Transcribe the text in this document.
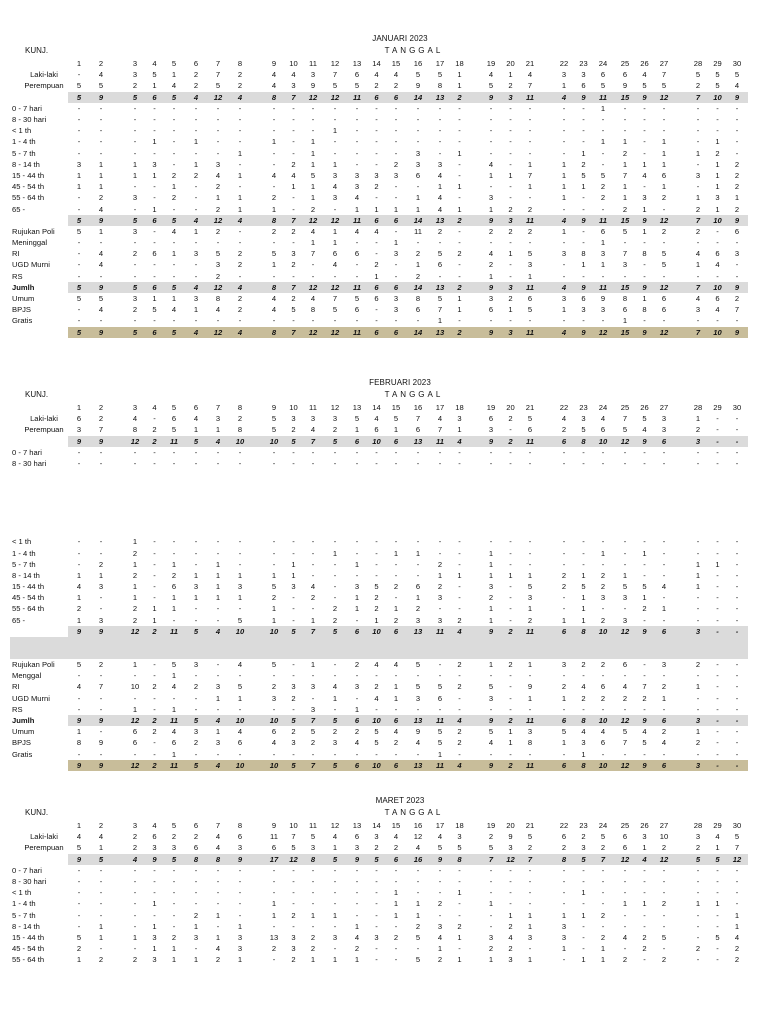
JANUARI 2023
TANGGAL
KUNJ.
	1	2		3	4	5	6	7	8		9	10	11	12	13	14	15	16	17	18		19	20	21		22	23	24	25	26	27		28	29	30
Laki-laki	-	4		3	5	1	2	7	2		4	4	3	7	6	4	4	5	5	1		4	1	4		3	3	6	6	4	7		5	5	5
Perempuan	5	5		2	1	4	2	5	2		4	3	9	5	5	2	2	9	8	1		5	2	7		1	6	5	9	5	5		2	5	4
	5	9		5	6	5	4	12	4		8	7	12	12	11	6	6	14	13	2		9	3	11		4	9	11	15	9	12		7	10	9
0 - 7 hari	-	-		-	-	-	-	-	-		-	-	-	-	-	-	-	-	-	-		-	-	-		-	-	1	-	-	-		-	-	-
8 - 30 hari	-	-		-	-	-	-	-	-		-	-	-	-	-	-	-	-	-	-		-	-	-		-	-	-	-	-	-		-	-	-
< 1 th	-	-		-	-	-	-	-	-		-	-	-	1	-	-	-	-	-	-		-	-	-		-	-	-	-	-	-		-	-	-
1 - 4 th	-	-		-	1	-	1	-	-		1	-	1	-	-	-	-	-	-	-		-	-	-		-	-	1	1	-	1		-	1	-
5 - 7 th	-	-		-	-	-	-	-	1		-	-	1	-	-	-	-	3	-	1		-	-	-		-	1	-	2	-	1		1	2	-
8 - 14 th	3	1		1	3	-	1	3	-		-	2	1	1	-	-	2	3	3	-		4	-	1		1	2	-	1	1	1		-	1	2
15 - 44 th	1	1		1	1	2	2	4	1		4	4	5	3	3	3	3	6	4	-		1	1	7		1	5	5	7	4	6		3	1	2
45 - 54 th	1	1		-	-	1	-	2	-		-	1	1	4	3	2	-	-	1	1		-	-	1		1	1	2	1	-	1		-	1	2
55 - 64 th	-	2		3	-	2	-	1	1		2	-	1	3	4	-	-	1	4	-		3	-	-		1	-	2	1	3	2		1	3	1
65 -	-	4		-	1	-	-	2	1		1	-	2	-	1	1	1	1	4	1		1	2	2		-	-	-	2	1	-		2	1	2
	5	9		5	6	5	4	12	4		8	7	12	12	11	6	6	14	13	2		9	3	11		4	9	11	15	9	12		7	10	9
Rujukan Poli	5	1		3	-	4	1	2	-		2	2	4	1	4	4	-	11	2	-		2	2	2		1	-	6	5	1	2		2	-	6
Meninggal	-	-		-	-	-	-	-	-		-	-	1	1	-	-	1	-	-	-		-	-	-		-	-	1	-	-	-		-	-	-
RI	-	4		2	6	1	3	5	2		5	3	7	6	6	-	3	2	5	2		4	1	5		3	8	3	7	8	5		4	6	3
UGD Murni	-	4		-	-	-	-	3	2		1	2	-	4	-	2	-	1	6	-		2	-	3		-	1	1	3	-	5		1	4	-
RS	-	-		-	-	-	-	2	-		-	-	-	-	-	1	-	2	-	-		1	-	1		-	-	-	-	-	-		-	-	-
Jumlh	5	9		5	6	5	4	12	4		8	7	12	12	11	6	6	14	13	2		9	3	11		4	9	11	15	9	12		7	10	9
Umum	5	5		3	1	1	3	8	2		4	2	4	7	5	6	3	8	5	1		3	2	6		3	6	9	8	1	6		4	6	2
BPJS	-	4		2	5	4	1	4	2		4	5	8	5	6	-	3	6	7	1		6	1	5		1	3	3	6	8	6		3	4	7
Gratis	-	-		-	-	-	-	-	-		-	-	-	-	-	-	-	-	1	-		-	-	-		-	-	-	1	-	-		-	-	-
	5	9		5	6	5	4	12	4		8	7	12	12	11	6	6	14	13	2		9	3	11		4	9	12	15	9	12		7	10	9
FEBRUARI 2023
TANGGAL
KUNJ.
	1	2		3	4	5	6	7	8		9	10	11	12	13	14	15	16	17	18		19	20	21		22	23	24	25	26	27		28	29	30
Laki-laki	6	2		4	-	6	4	3	2		5	3	3	3	5	4	5	7	4	3		6	2	5		4	3	4	7	5	3		1	-	-
Perempuan	3	7		8	2	5	1	1	8		5	2	4	2	1	6	1	6	7	1		3	-	6		2	5	6	5	4	3		2	-	-
	9	9		12	2	11	5	4	10		10	5	7	5	6	10	6	13	11	4		9	2	11		6	8	10	12	9	6		3	-	-
0 - 7 hari	-	-		-	-	-	-	-	-		-	-	-	-	-	-	-	-	-	-		-	-	-		-	-	-	-	-	-		-	-	-
8 - 30 hari	-	-		-	-	-	-	-	-		-	-	-	-	-	-	-	-	-	-		-	-	-		-	-	-	-	-	-		-	-	-

< 1 th	-	-		1	-	-	-	-	-		-	-	-	-	-	-	-	-	-	-		-	-	-		-	-	-	-	-	-		-	-	-
1 - 4 th	-	-		2	-	-	-	-	-		-	-	-	1	-	-	1	1	-	-		1	-	-		-	-	1	-	1	-		-	-	-
5 - 7 th	-	2		1	-	1	-	1	-		-	1	-	-	1	-	-	-	2	-		1	-	-		-	-	-	-	-	-		1	1	-
8 - 14 th	1	1		2	-	2	1	1	1		1	1	-	-	-	-	-	-	1	1		1	1	1		2	1	2	1	-	-		1	-	-
15 - 44 th	4	3		1	-	6	3	1	3		5	3	4	-	3	5	2	6	2	-		3	-	5		2	5	2	5	5	4		1	-	-
45 - 54 th	1	-		1	-	1	1	1	1		2	-	2	-	1	2	-	1	3	-		2	-	3		-	1	3	3	1	-		-	-	-
55 - 64 th	2	-		2	1	1	-	-	-		1	-	-	2	1	2	1	2	-	-		1	-	1		-	1	-	-	2	1		-	-	-
65 -	1	3		2	1	-	-	-	5		1	-	1	2	-	1	2	3	3	2		1	-	2		1	1	2	3	-	-		-	-	-
	9	9		12	2	11	5	4	10		10	5	7	5	6	10	6	13	11	4		9	2	11		6	8	10	12	9	6		3	-	-

Rujukan Poli	5	2		1	-	5	3	-	4		5	-	1	-	2	4	4	5	-	2		1	2	1		3	2	2	6	-	3		2	-	-
Menggal	-	-		-	-	1	-	-	-		-	-	-	-	-	-	-	-	-	-		-	-	-		-	-	-	-	-	-		-	-	-
RI	4	7		10	2	4	2	3	5		2	3	3	4	3	2	1	5	5	2		5	-	9		2	4	6	4	7	2		1	-	-
UGD Murni	-	-		-	-	-	-	1	1		3	2	-	1	-	4	1	3	6	-		3	-	1		1	2	2	2	2	1		-	-	-
RS	-	-		1	-	1	-	-	-		-	-	3	-	1	-	-	-	-	-		-	-	-		-	-	-	-	-	-		-	-	-
Jumlh	9	9		12	2	11	5	4	10		10	5	7	5	6	10	6	13	11	4		9	2	11		6	8	10	12	9	6		3	-	-
Umum	1	-		6	2	4	3	1	4		6	2	5	2	2	5	4	9	5	2		5	1	3		5	4	4	5	4	2		1	-	-
BPJS	8	9		6	-	6	2	3	6		4	3	2	3	4	5	2	4	5	2		4	1	8		1	3	6	7	5	4		2	-	-
Gratis	-	-		-	-	1	-	-	-		-	-	-	-	-	-	-	-	1	-		-	-	-		-	1	-	-	-	-		-	-	-
	9	9		12	2	11	5	4	10		10	5	7	5	6	10	6	13	11	4		9	2	11		6	8	10	12	9	6		3	-	-
MARET 2023
TANGGAL
KUNJ.
	1	2		3	4	5	6	7	8		9	10	11	12	13	14	15	16	17	18		19	20	21		22	23	24	25	26	27		28	29	30
Laki-laki	4	4		2	6	2	2	4	6		11	7	5	4	6	3	4	12	4	3		2	9	5		6	2	5	6	3	10		3	4	5
Perempuan	5	1		2	3	3	6	4	3		6	5	3	1	3	2	2	4	5	5		5	3	2		2	3	2	6	1	2		2	1	7
	9	5		4	9	5	8	8	9		17	12	8	5	9	5	6	16	9	8		7	12	7		8	5	7	12	4	12		5	5	12
0 - 7 hari	-	-		-	-	-	-	-	-		-	-	-	-	-	-	-	-	-	-		-	-	-		-	-	-	-	-	-		-	-	-
8 - 30 hari	-	-		-	-	-	-	-	-		-	-	-	-	-	-	-	-	-	-		-	-	-		-	-	-	-	-	-		-	-	-
< 1 th	-	-		-	-	-	-	-	-		-	-	-	-	-	-	1	-	-	1		-	-	-		-	1	-	-	-	-		-	-	-
1 - 4 th	-	-		-	1	-	-	-	-		1	-	-	-	-	-	1	1	2	-		1	-	-		-	-	-	1	1	2		1	1	-
5 - 7 th	-	-		-	-	-	2	1	-		1	2	1	1	-	-	1	1	-	-		-	1	1		1	1	2	-	-	-		-	-	1
8 - 14 th	-	1		-	1	-	1	-	1		-	-	-	-	1	-	-	2	3	2		-	2	1		3	-	-	-	-	-		-	-	1
15 - 44 th	5	1		1	3	2	3	1	3		13	3	2	3	4	3	2	5	4	1		3	4	3		3	-	2	4	2	5		-	5	4
45 - 54 th	2	-		-	1	1	-	4	3		2	3	2	-	2	-	-	-	1	-		2	2	-		1	-	1	-	2	-		2	-	2
55 - 64 th	1	2		2	3	1	1	2	1		-	2	1	1	1	-	-	5	2	1		1	3	1		-	1	1	2	-	2		-	-	2
